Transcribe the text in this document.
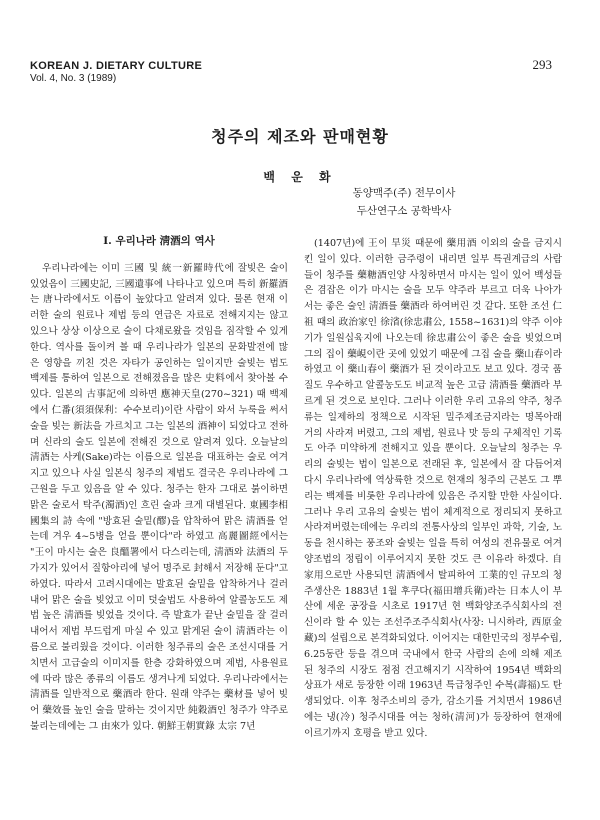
KOREAN J. DIETARY CULTURE
Vol. 4, No. 3 (1989)
293
청주의 제조와 판매현황
백 운 화
동양맥주(주) 전무이사
두산연구소 공학박사
Ⅰ. 우리나라 淸酒의 역사

우리나라에는 이미 三國 및 統一新羅時代에 잘빚은 술이 있었음이 三國史記, 三國遺事에 나타나고 있으며 특히 新羅酒는 唐나라에서도 이름이 높았다고 알려져 있다. 물론 현재 이러한 술의 원료나 제법 등의 연급은 자료로 전해지지는 않고 있으나 상상 이상으로 술이 다채로왔을 것임을 짐작할 수 있게 한다. 역사를 돌이켜 볼 때 우리나라가 일본의 문화발전에 많은 영향을 끼친 것은 자타가 공인하는 일이지만 술빚는 법도 백제를 통하여 일본으로 전해졌음을 많은 史料에서 찾아볼 수 있다. 일본의 古事記에 의하면 應神天皇(270~321) 때 백제에서 仁番(須須保利：수수보리)이란 사람이 와서 누룩을 써서 술을 빚는 新法을 가르치고 그는 일본의 酒神이 되었다고 전하며 신라의 술도 일본에 전해진 것으로 알려져 있다. 오늘날의 淸酒는 사케(Sake)라는 이름으로 일본을 대표하는 술로 여겨지고 있으나 사실 일본식 청주의 제법도 결국은 우리나라에 그 근원을 두고 있음을 알 수 있다. 청주는 한자 그대로 붉이하면 맑은 술로서 탁주(濁酒)인 흐린 술과 크게 대별된다. 東國李相國集의 詩 속에 "방효된 술밑(醪)을 압착하여 맑은 淸酒를 얻는데 겨우 4~5병을 얻을 뿐이다"라 하였고 高麗圖經에서는 "王이 마시는 술은 良醞署에서 다스리는데, 淸酒와 法酒의 두가지가 있어서 질항아리에 넣어 명주로 封해서 저장해 둔다"고 하였다. 따라서 고려시대에는 발효된 술밑을 압착하거나 걸러내어 맑은 술을 빚었고 이미 덧술법도 사용하여 알콜농도도 제법 높은 淸酒를 빚었을 것이다. 즉 발효가 끝난 술밑을 잘 걸러내어서 제법 부드럽게 마실 수 있고 맑게된 술이 淸酒라는 이름으로 불리웠을 것이다. 이러한 청주류의 술은 조선시대를 거치면서 고급술의 이미지를 한층 강화하였으며 제법, 사용원료에 따라 많은 종류의 이름도 생겨나게 되었다. 우리나라에서는 淸酒를 일반적으로 藥酒라 한다. 원래 약주는 藥材를 넣어 빚어 藥效를 높인 술을 말하는 것이지만 純穀酒인 청주가 약주로 불리는데에는 그 由來가 있다. 朝鮮王朝實錄 太宗 7년

(1407년)에 王이 旱災 때문에 藥用酒 이외의 술을 금지시킨 일이 있다. 이러한 금주령이 내리면 일부 특권계급의 사람들이 청주를 藥糖酒인양 사칭하면서 마시는 일이 있어 백성들은 겸잡은 이가 마시는 술을 모두 약주라 부르고 더욱 나아가서는 좋은 술인 淸酒를 藥酒라 하여버린 것 같다. 또한 조선 仁祖 때의 政治家인 徐渻(徐忠肅公, 1558~1631)의 약주 이야기가 일원십육지에 나오는데 徐忠肅公이 좋은 술을 빚었으며 그의 집이 藥峴이란 곳에 있었기 때문에 그집 술을 藥山春이라 하였고 이 藥山春이 藥酒가 된 것이라고도 보고 있다. 경국 품질도 우수하고 알콜농도도 비교적 높은 고급 淸酒를 藥酒라 부르게 된 것으로 보인다. 그러나 이러한 우리 고유의 약주, 청주류는 일제하의 정책으로 시작된 밀주제조금지라는 명목아래 거의 사라져 버렸고, 그의 제법, 원료나 맛 등의 구체적인 기록도 아주 미약하게 전해지고 있을 뿐이다. 오늘날의 청주는 우리의 술빚는 법이 일본으로 전래된 후, 일본에서 잘 다듬어져 다시 우리나라에 역상륙한 것으로 현재의 청주의 근본도 그 뿌리는 백제를 비롯한 우리나라에 있음은 주지할 만한 사실이다. 그러나 우리 고유의 술빚는 법이 체계적으로 정리되지 못하고 사라져버렸는데에는 우리의 전통사상의 일부인 과학, 기술, 노동을 천시하는 풍조와 술빚는 일을 특히 여성의 전유물로 여겨 양조법의 정립이 이루어지지 못한 것도 큰 이유라 하겠다. 自家用으로만 사용되던 淸酒에서 탈피하여 工業的인 규모의 청주생산은 1883년 1월 후쿠다(福田增兵衛)라는 日本人이 부산에 세운 공장을 시초로 1917년 현 백화양조주식회사의 전신이라 할 수 있는 조선주조주식회사(사장: 니시하라, 西原金藏)의 설립으로 본격화되었다. 이어지는 대한민국의 정부수립, 6.25동란 등을 겪으며 국내에서 한국 사람의 손에 의해 제조된 청주의 시장도 점점 건고해지기 시작하여 1954년 백화의 상표가 새로 등장한 이래 1963년 특급청주인 수복(壽福)도 탄생되었다. 이후 청주소비의 증가, 감소기를 거치면서 1986년에는 냉(冷) 청주시대를 여는 청하(淸河)가 등장하여 현재에 이르기까지 호평을 받고 있다.
